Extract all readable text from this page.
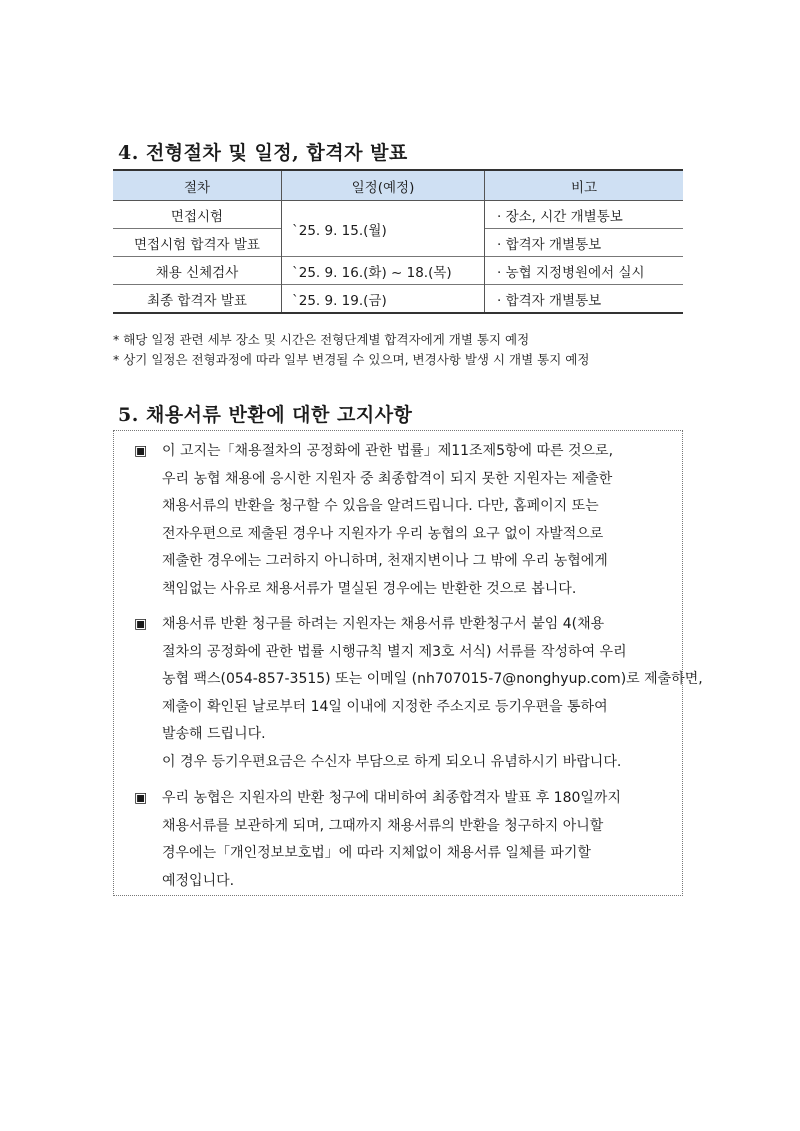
4. 전형절차 및 일정, 합격자 발표
절차	일정(예정)	비고
면접시험	`25. 9. 15.(월)	· 장소, 시간 개별통보
면접시험 합격자 발표		· 합격자 개별통보
채용 신체검사	`25. 9. 16.(화) ~ 18.(목)	· 농협 지정병원에서 실시
최종 합격자 발표	`25. 9. 19.(금)	· 합격자 개별통보
* 해당 일정 관련 세부 장소 및 시간은 전형단계별 합격자에게 개별 통지 예정
* 상기 일정은 전형과정에 따라 일부 변경될 수 있으며, 변경사항 발생 시 개별 통지 예정
5. 채용서류 반환에 대한 고지사항
▣ 이 고지는「채용절차의 공정화에 관한 법률」제11조제5항에 따른 것으로,
우리 농협 채용에 응시한 지원자 중 최종합격이 되지 못한 지원자는 제출한
채용서류의 반환을 청구할 수 있음을 알려드립니다. 다만, 홈페이지 또는
전자우편으로 제출된 경우나 지원자가 우리 농협의 요구 없이 자발적으로
제출한 경우에는 그러하지 아니하며, 천재지변이나 그 밖에 우리 농협에게
책임없는 사유로 채용서류가 멸실된 경우에는 반환한 것으로 봅니다.
▣ 채용서류 반환 청구를 하려는 지원자는 채용서류 반환청구서 붙임 4(채용
절차의 공정화에 관한 법률 시행규칙 별지 제3호 서식) 서류를 작성하여 우리
농협 팩스(054-857-3515) 또는 이메일 (nh707015-7@nonghyup.com)로 제출하면,
제출이 확인된 날로부터 14일 이내에 지정한 주소지로 등기우편을 통하여
발송해 드립니다.
이 경우 등기우편요금은 수신자 부담으로 하게 되오니 유념하시기 바랍니다.
▣ 우리 농협은 지원자의 반환 청구에 대비하여 최종합격자 발표 후 180일까지
채용서류를 보관하게 되며, 그때까지 채용서류의 반환을 청구하지 아니할
경우에는「개인정보보호법」에 따라 지체없이 채용서류 일체를 파기할
예정입니다.
